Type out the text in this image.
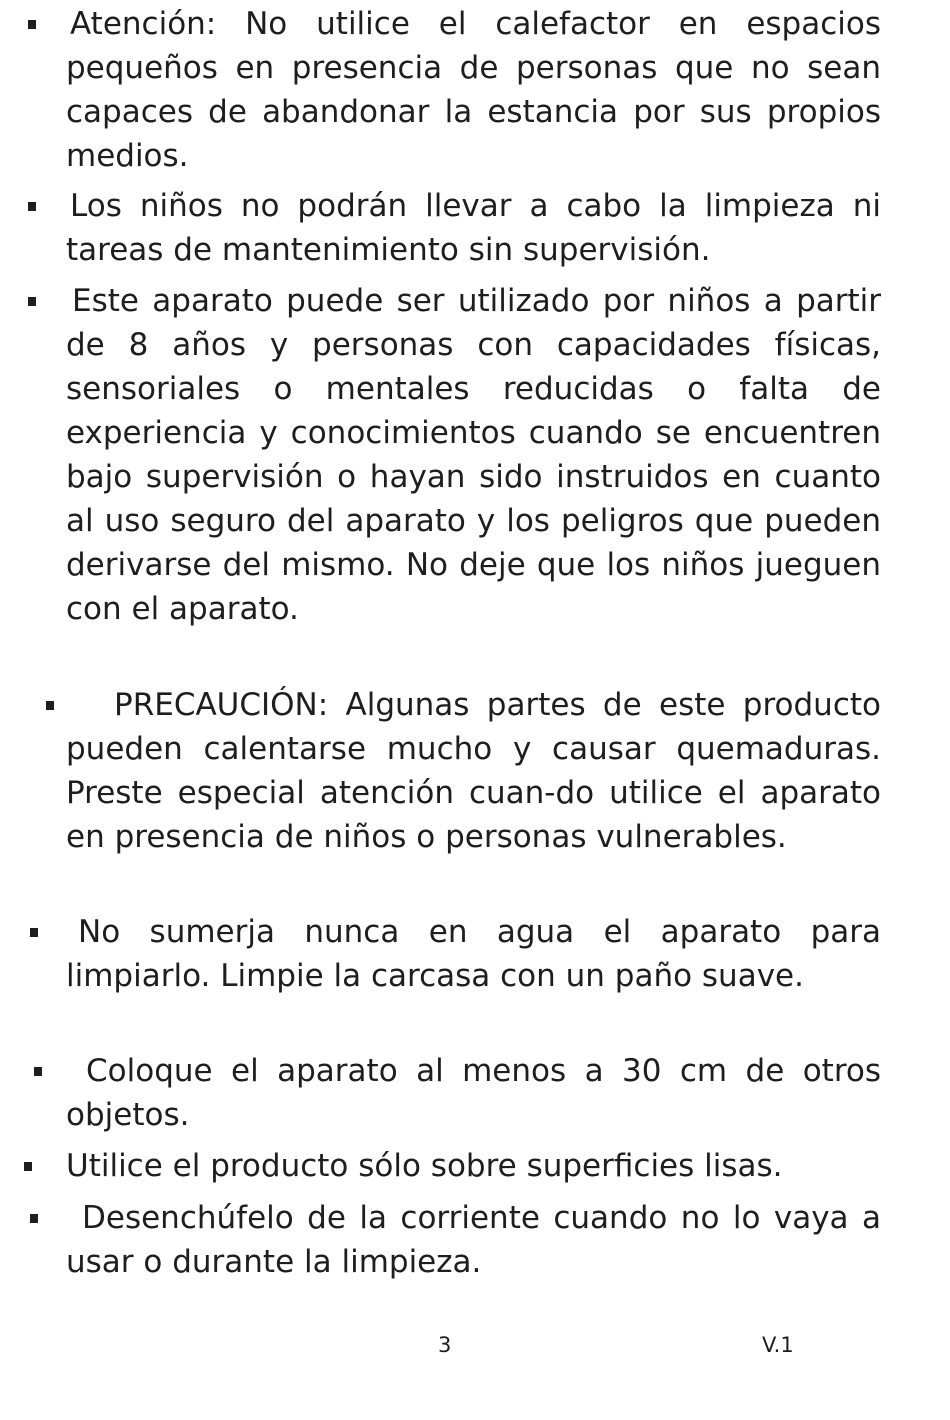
Atención: No utilice el calefactor en espacios pequeños en presencia de personas que no sean capaces de abandonar la estancia por sus propios medios.
Los niños no podrán llevar a cabo la limpieza ni tareas de mantenimiento sin supervisión.
Este aparato puede ser utilizado por niños a partir de 8 años y personas con capacidades físicas, sensoriales o mentales reducidas o falta de experiencia y conocimientos cuando se encuentren bajo supervisión o hayan sido instruidos en cuanto al uso seguro del aparato y los peligros que pueden derivarse del mismo. No deje que los niños jueguen con el aparato.
PRECAUCIÓN: Algunas partes de este producto pueden calentarse mucho y causar quemaduras. Preste especial atención cuan-do utilice el aparato en presencia de niños o personas vulnerables.
No sumerja nunca en agua el aparato para limpiarlo. Limpie la carcasa con un paño suave.
Coloque el aparato al menos a 30 cm de otros objetos.
Utilice el producto sólo sobre superficies lisas.
Desenchúfelo de la corriente cuando no lo vaya a usar o durante la limpieza.
3	V.1
